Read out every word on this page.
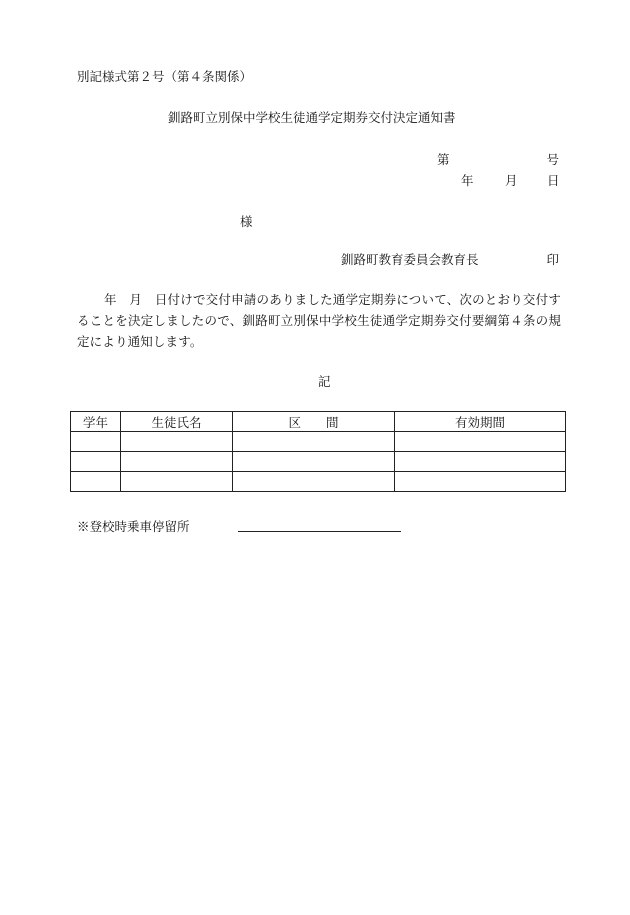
別記様式第２号（第４条関係）
釧路町立別保中学校生徒通学定期券交付決定通知書
第	号
年	月 日
様
釧路町教育委員会教育長	印
年　月　日付けで交付申請のありました通学定期券について、次のとおり交付することを決定しましたので、釧路町立別保中学校生徒通学定期券交付要綱第４条の規定により通知します。
記
学年	生徒氏名	区　　間	有効期間

※登校時乗車停留所
